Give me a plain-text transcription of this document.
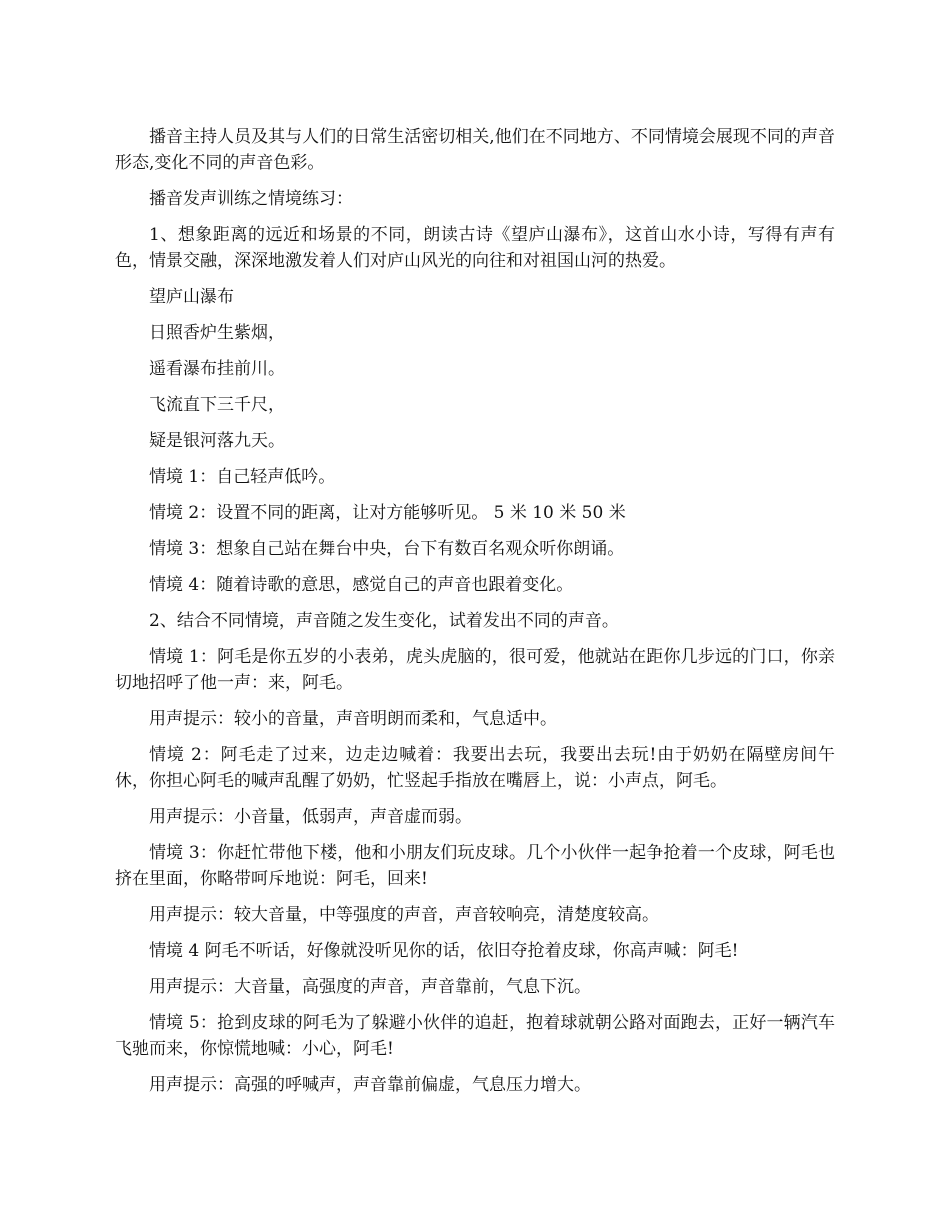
播音主持人员及其与人们的日常生活密切相关,他们在不同地方、不同情境会展现不同的声音形态,变化不同的声音色彩。

播音发声训练之情境练习：

1、想象距离的远近和场景的不同，朗读古诗《望庐山瀑布》，这首山水小诗，写得有声有色，情景交融，深深地激发着人们对庐山风光的向往和对祖国山河的热爱。

望庐山瀑布

日照香炉生紫烟，

遥看瀑布挂前川。

飞流直下三千尺，

疑是银河落九天。

情境 1：自己轻声低吟。

情境 2：设置不同的距离，让对方能够听见。 5 米 10 米 50 米

情境 3：想象自己站在舞台中央，台下有数百名观众听你朗诵。

情境 4：随着诗歌的意思，感觉自己的声音也跟着变化。

2、结合不同情境，声音随之发生变化，试着发出不同的声音。

情境 1：阿毛是你五岁的小表弟，虎头虎脑的，很可爱，他就站在距你几步远的门口，你亲切地招呼了他一声：来，阿毛。

用声提示：较小的音量，声音明朗而柔和，气息适中。

情境 2：阿毛走了过来，边走边喊着：我要出去玩，我要出去玩!由于奶奶在隔壁房间午休，你担心阿毛的喊声乱醒了奶奶，忙竖起手指放在嘴唇上，说：小声点，阿毛。

用声提示：小音量，低弱声，声音虚而弱。

情境 3：你赶忙带他下楼，他和小朋友们玩皮球。几个小伙伴一起争抢着一个皮球，阿毛也挤在里面，你略带呵斥地说：阿毛，回来!

用声提示：较大音量，中等强度的声音，声音较响亮，清楚度较高。

情境 4 阿毛不听话，好像就没听见你的话，依旧夺抢着皮球，你高声喊：阿毛!

用声提示：大音量，高强度的声音，声音靠前，气息下沉。

情境 5：抢到皮球的阿毛为了躲避小伙伴的追赶，抱着球就朝公路对面跑去，正好一辆汽车飞驰而来，你惊慌地喊：小心，阿毛!

用声提示：高强的呼喊声，声音靠前偏虚，气息压力增大。
